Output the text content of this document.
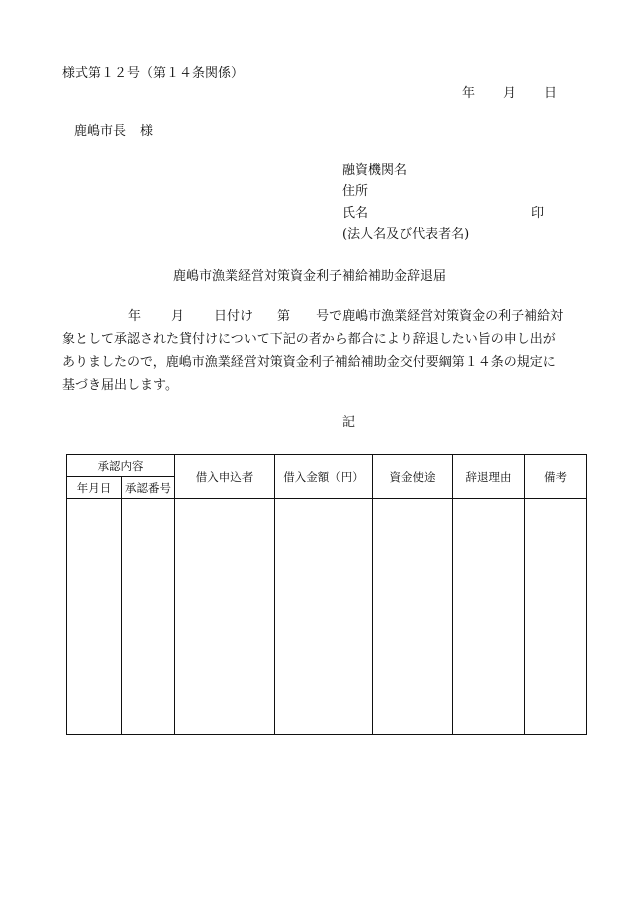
様式第１２号（第１４条関係）
年 月 日
鹿嶋市長 様
融資機関名
住所
氏名	印
(法人名及び代表者名)
鹿嶋市漁業経営対策資金利子補給補助金辞退届
年 月 日付け 第 号で鹿嶋市漁業経営対策資金の利子補給対
象として承認された貸付けについて下記の者から都合により辞退したい旨の申し出が
ありましたので，鹿嶋市漁業経営対策資金利子補給補助金交付要綱第１４条の規定に
基づき届出します。
記
承認内容		借入申込者	借入金額（円）	資金使途	辞退理由	備考
年月日	承認番号					
